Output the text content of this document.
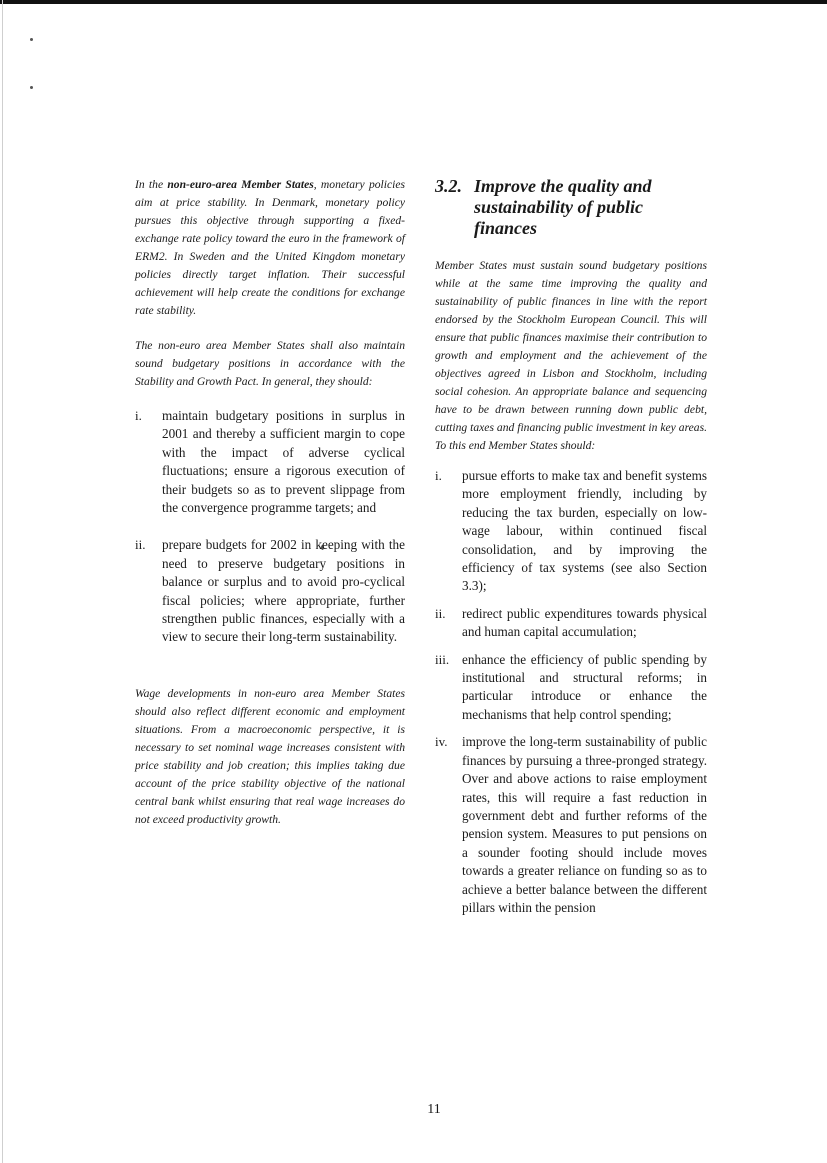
In the non-euro-area Member States, monetary policies aim at price stability. In Denmark, monetary policy pursues this objective through supporting a fixed-exchange rate policy toward the euro in the framework of ERM2. In Sweden and the United Kingdom monetary policies directly target inflation. Their successful achievement will help create the conditions for exchange rate stability.

The non-euro area Member States shall also maintain sound budgetary positions in accordance with the Stability and Growth Pact. In general, they should:

i. maintain budgetary positions in surplus in 2001 and thereby a sufficient margin to cope with the impact of adverse cyclical fluctuations; ensure a rigorous execution of their budgets so as to prevent slippage from the convergence programme targets; and
ii. prepare budgets for 2002 in keeping with the need to preserve budgetary positions in balance or surplus and to avoid pro-cyclical fiscal policies; where appropriate, further strengthen public finances, especially with a view to secure their long-term sustainability.

Wage developments in non-euro area Member States should also reflect different economic and employment situations. From a macroeconomic perspective, it is necessary to set nominal wage increases consistent with price stability and job creation; this implies taking due account of the price stability objective of the national central bank whilst ensuring that real wage increases do not exceed productivity growth.

3.2. Improve the quality and sustainability of public finances

Member States must sustain sound budgetary positions while at the same time improving the quality and sustainability of public finances in line with the report endorsed by the Stockholm European Council. This will ensure that public finances maximise their contribution to growth and employment and the achievement of the objectives agreed in Lisbon and Stockholm, including social cohesion. An appropriate balance and sequencing have to be drawn between running down public debt, cutting taxes and financing public investment in key areas. To this end Member States should:

i. pursue efforts to make tax and benefit systems more employment friendly, including by reducing the tax burden, especially on low-wage labour, within continued fiscal consolidation, and by improving the efficiency of tax systems (see also Section 3.3);
ii. redirect public expenditures towards physical and human capital accumulation;
iii. enhance the efficiency of public spending by institutional and structural reforms; in particular introduce or enhance the mechanisms that help control spending;
iv. improve the long-term sustainability of public finances by pursuing a three-pronged strategy. Over and above actions to raise employment rates, this will require a fast reduction in government debt and further reforms of the pension system. Measures to put pensions on a sounder footing should include moves towards a greater reliance on funding so as to achieve a better balance between the different pillars within the pension
11
